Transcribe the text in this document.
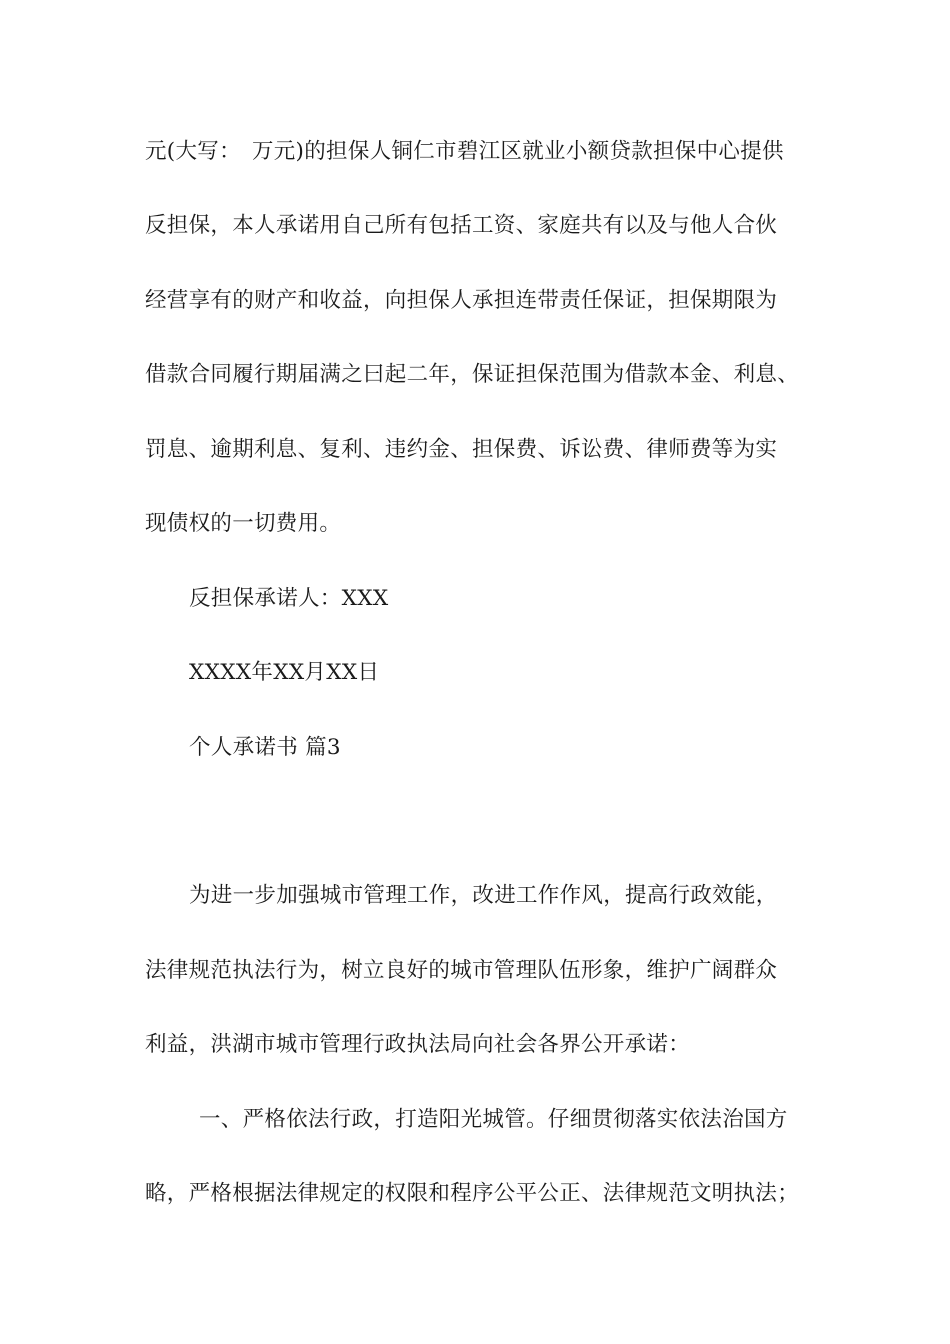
元(大写：　万元)的担保人铜仁市碧江区就业小额贷款担保中心提供
反担保，本人承诺用自己所有包括工资、家庭共有以及与他人合伙
经营享有的财产和收益，向担保人承担连带责任保证，担保期限为
借款合同履行期届满之曰起二年，保证担保范围为借款本金、利息、
罚息、逾期利息、复利、违约金、担保费、诉讼费、律师费等为实
现债权的一切费用。
反担保承诺人：XXX
XXXX年XX月XX日
个人承诺书 篇3
为进一步加强城市管理工作，改进工作作风，提高行政效能，
法律规范执法行为，树立良好的城市管理队伍形象，维护广阔群众
利益，洪湖市城市管理行政执法局向社会各界公开承诺：
一、严格依法行政，打造阳光城管。仔细贯彻落实依法治国方
略，严格根据法律规定的权限和程序公平公正、法律规范文明执法；
